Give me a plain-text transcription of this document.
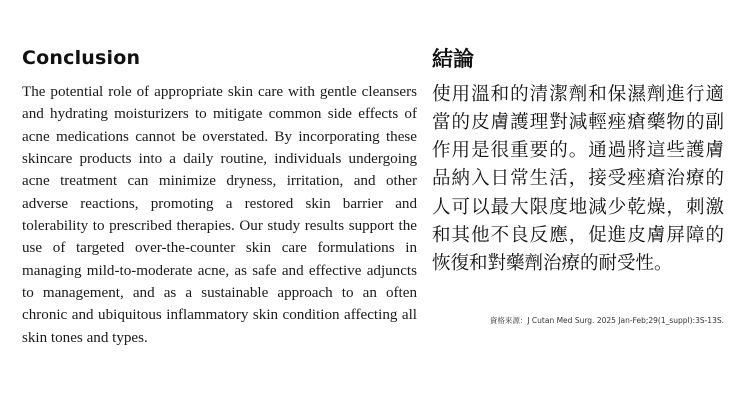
Conclusion

The potential role of appropriate skin care with gentle cleansers and hydrating moisturizers to mitigate common side effects of acne medications cannot be overstated. By incorporating these skincare products into a daily routine, individuals undergoing acne treatment can minimize dryness, irritation, and other adverse reactions, promoting a restored skin barrier and tolerability to prescribed therapies. Our study results support the use of targeted over-the-counter skin care formulations in managing mild-to-moderate acne, as safe and effective adjuncts to management, and as a sustainable approach to an often chronic and ubiquitous inflammatory skin condition affecting all skin tones and types.

結論

使用溫和的清潔劑和保濕劑進行適當的皮膚護理對減輕痤瘡藥物的副作用是很重要的。通過將這些護膚品納入日常生活，接受痤瘡治療的人可以最大限度地減少乾燥，刺激和其他不良反應，促進皮膚屏障的恢復和對藥劑治療的耐受性。

資格來源：J Cutan Med Surg. 2025 Jan-Feb;29(1_suppl):3S-13S.
